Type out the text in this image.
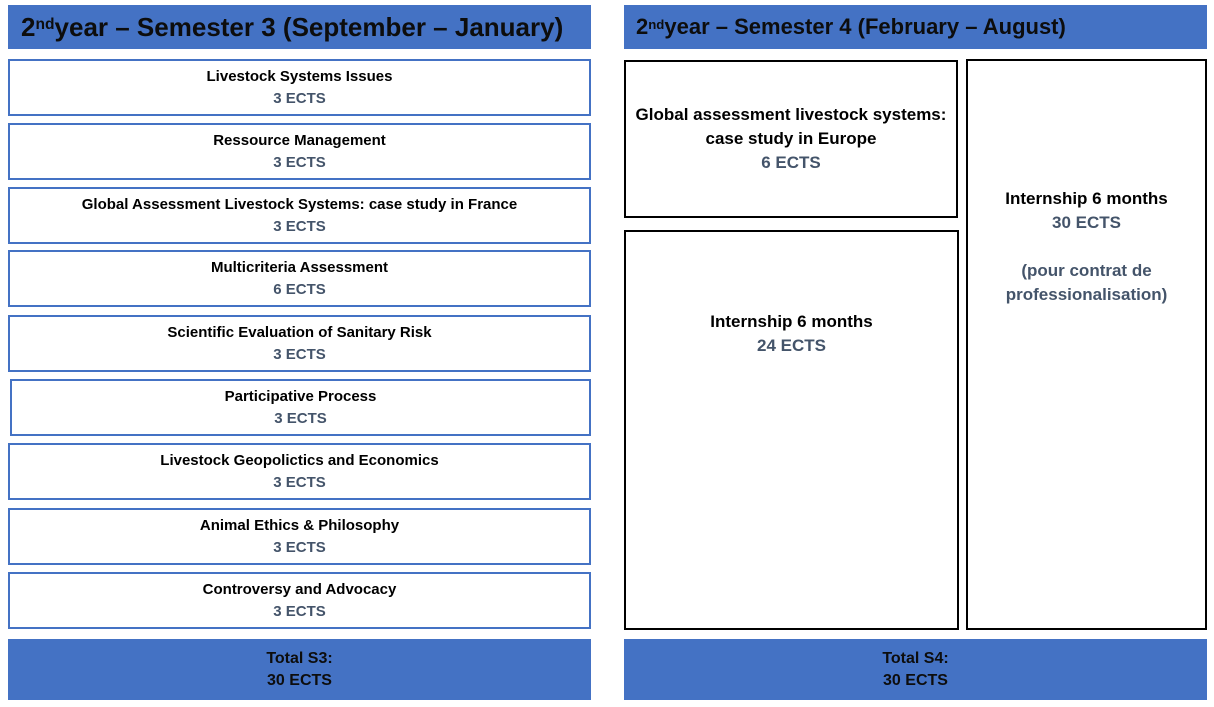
2nd year – Semester 3 (September – January)	2nd year – Semester 4 (February – August)
Livestock Systems Issues
3 ECTS
Ressource Management
3 ECTS
Global Assessment Livestock Systems: case study in France
3 ECTS
Multicriteria Assessment
6 ECTS
Scientific Evaluation of Sanitary Risk
3 ECTS
Participative Process
3 ECTS
Livestock Geopolictics and Economics
3 ECTS
Animal Ethics & Philosophy
3 ECTS
Controversy and Advocacy
3 ECTS
Total S3:
30 ECTS
Global assessment livestock systems:
case study in Europe
6 ECTS
Internship 6 months
24 ECTS
Internship 6 months
30 ECTS
(pour contrat de
professionalisation)
Total S4:
30 ECTS
